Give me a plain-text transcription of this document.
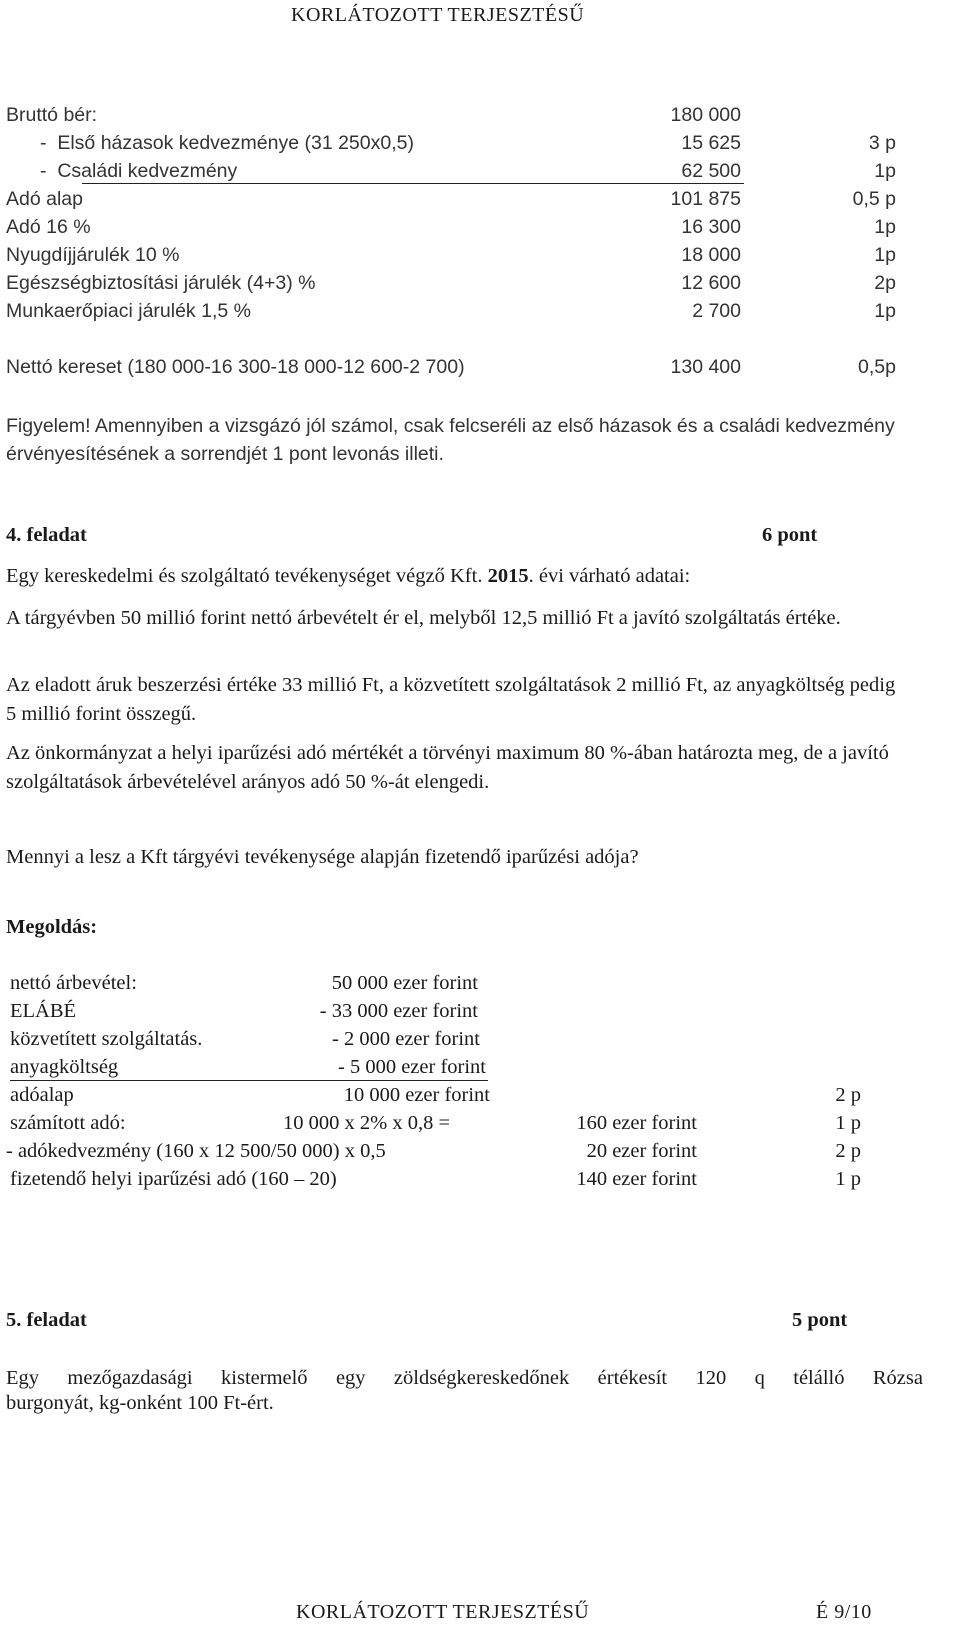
KORLÁTOZOTT TERJESZTÉSŰ
Bruttó bér:	180 000
-  Első házasok kedvezménye (31 250x0,5)	15 625	3 p
-  Családi kedvezmény	62 500	1p
Adó alap	101 875	0,5 p
Adó 16 %	16 300	1p
Nyugdíjjárulék 10 %	18 000	1p
Egészségbiztosítási járulék (4+3) %	12 600	2p
Munkaerőpiaci járulék 1,5 %	2 700	1p
Nettó kereset (180 000-16 300-18 000-12 600-2 700)	130 400	0,5p
Figyelem! Amennyiben a vizsgázó jól számol, csak felcseréli az első házasok és a családi kedvezmény érvényesítésének a sorrendjét 1 pont levonás illeti.
4. feladat	6 pont
Egy kereskedelmi és szolgáltató tevékenységet végző Kft. 2015. évi várható adatai:
A tárgyévben 50 millió forint nettó árbevételt ér el, melyből 12,5 millió Ft a javító szolgáltatás értéke.
Az eladott áruk beszerzési értéke 33 millió Ft, a közvetített szolgáltatások 2 millió Ft, az anyagköltség pedig 5 millió forint összegű.
Az önkormányzat a helyi iparűzési adó mértékét a törvényi maximum 80 %-ában határozta meg, de a javító szolgáltatások árbevételével arányos adó 50 %-át elengedi.
Mennyi a lesz a Kft tárgyévi tevékenysége alapján fizetendő iparűzési adója?
Megoldás:
nettó árbevétel:	50 000 ezer forint
ELÁBÉ	- 33 000 ezer forint
közvetített szolgáltatás.	- 2 000 ezer forint
anyagköltség	- 5 000 ezer forint
adóalap	10 000 ezer forint	2 p
számított adó:	10 000 x 2% x 0,8 =	160 ezer forint	1 p
- adókedvezmény (160 x 12 500/50 000) x 0,5	20 ezer forint	2 p
fizetendő helyi iparűzési adó (160 – 20)	140 ezer forint	1 p
5. feladat	5 pont
Egy mezőgazdasági kistermelő egy zöldségkereskedőnek értékesít 120 q télálló Rózsa
burgonyát, kg-onként 100 Ft-ért.
KORLÁTOZOTT TERJESZTÉSŰ	É 9/10
